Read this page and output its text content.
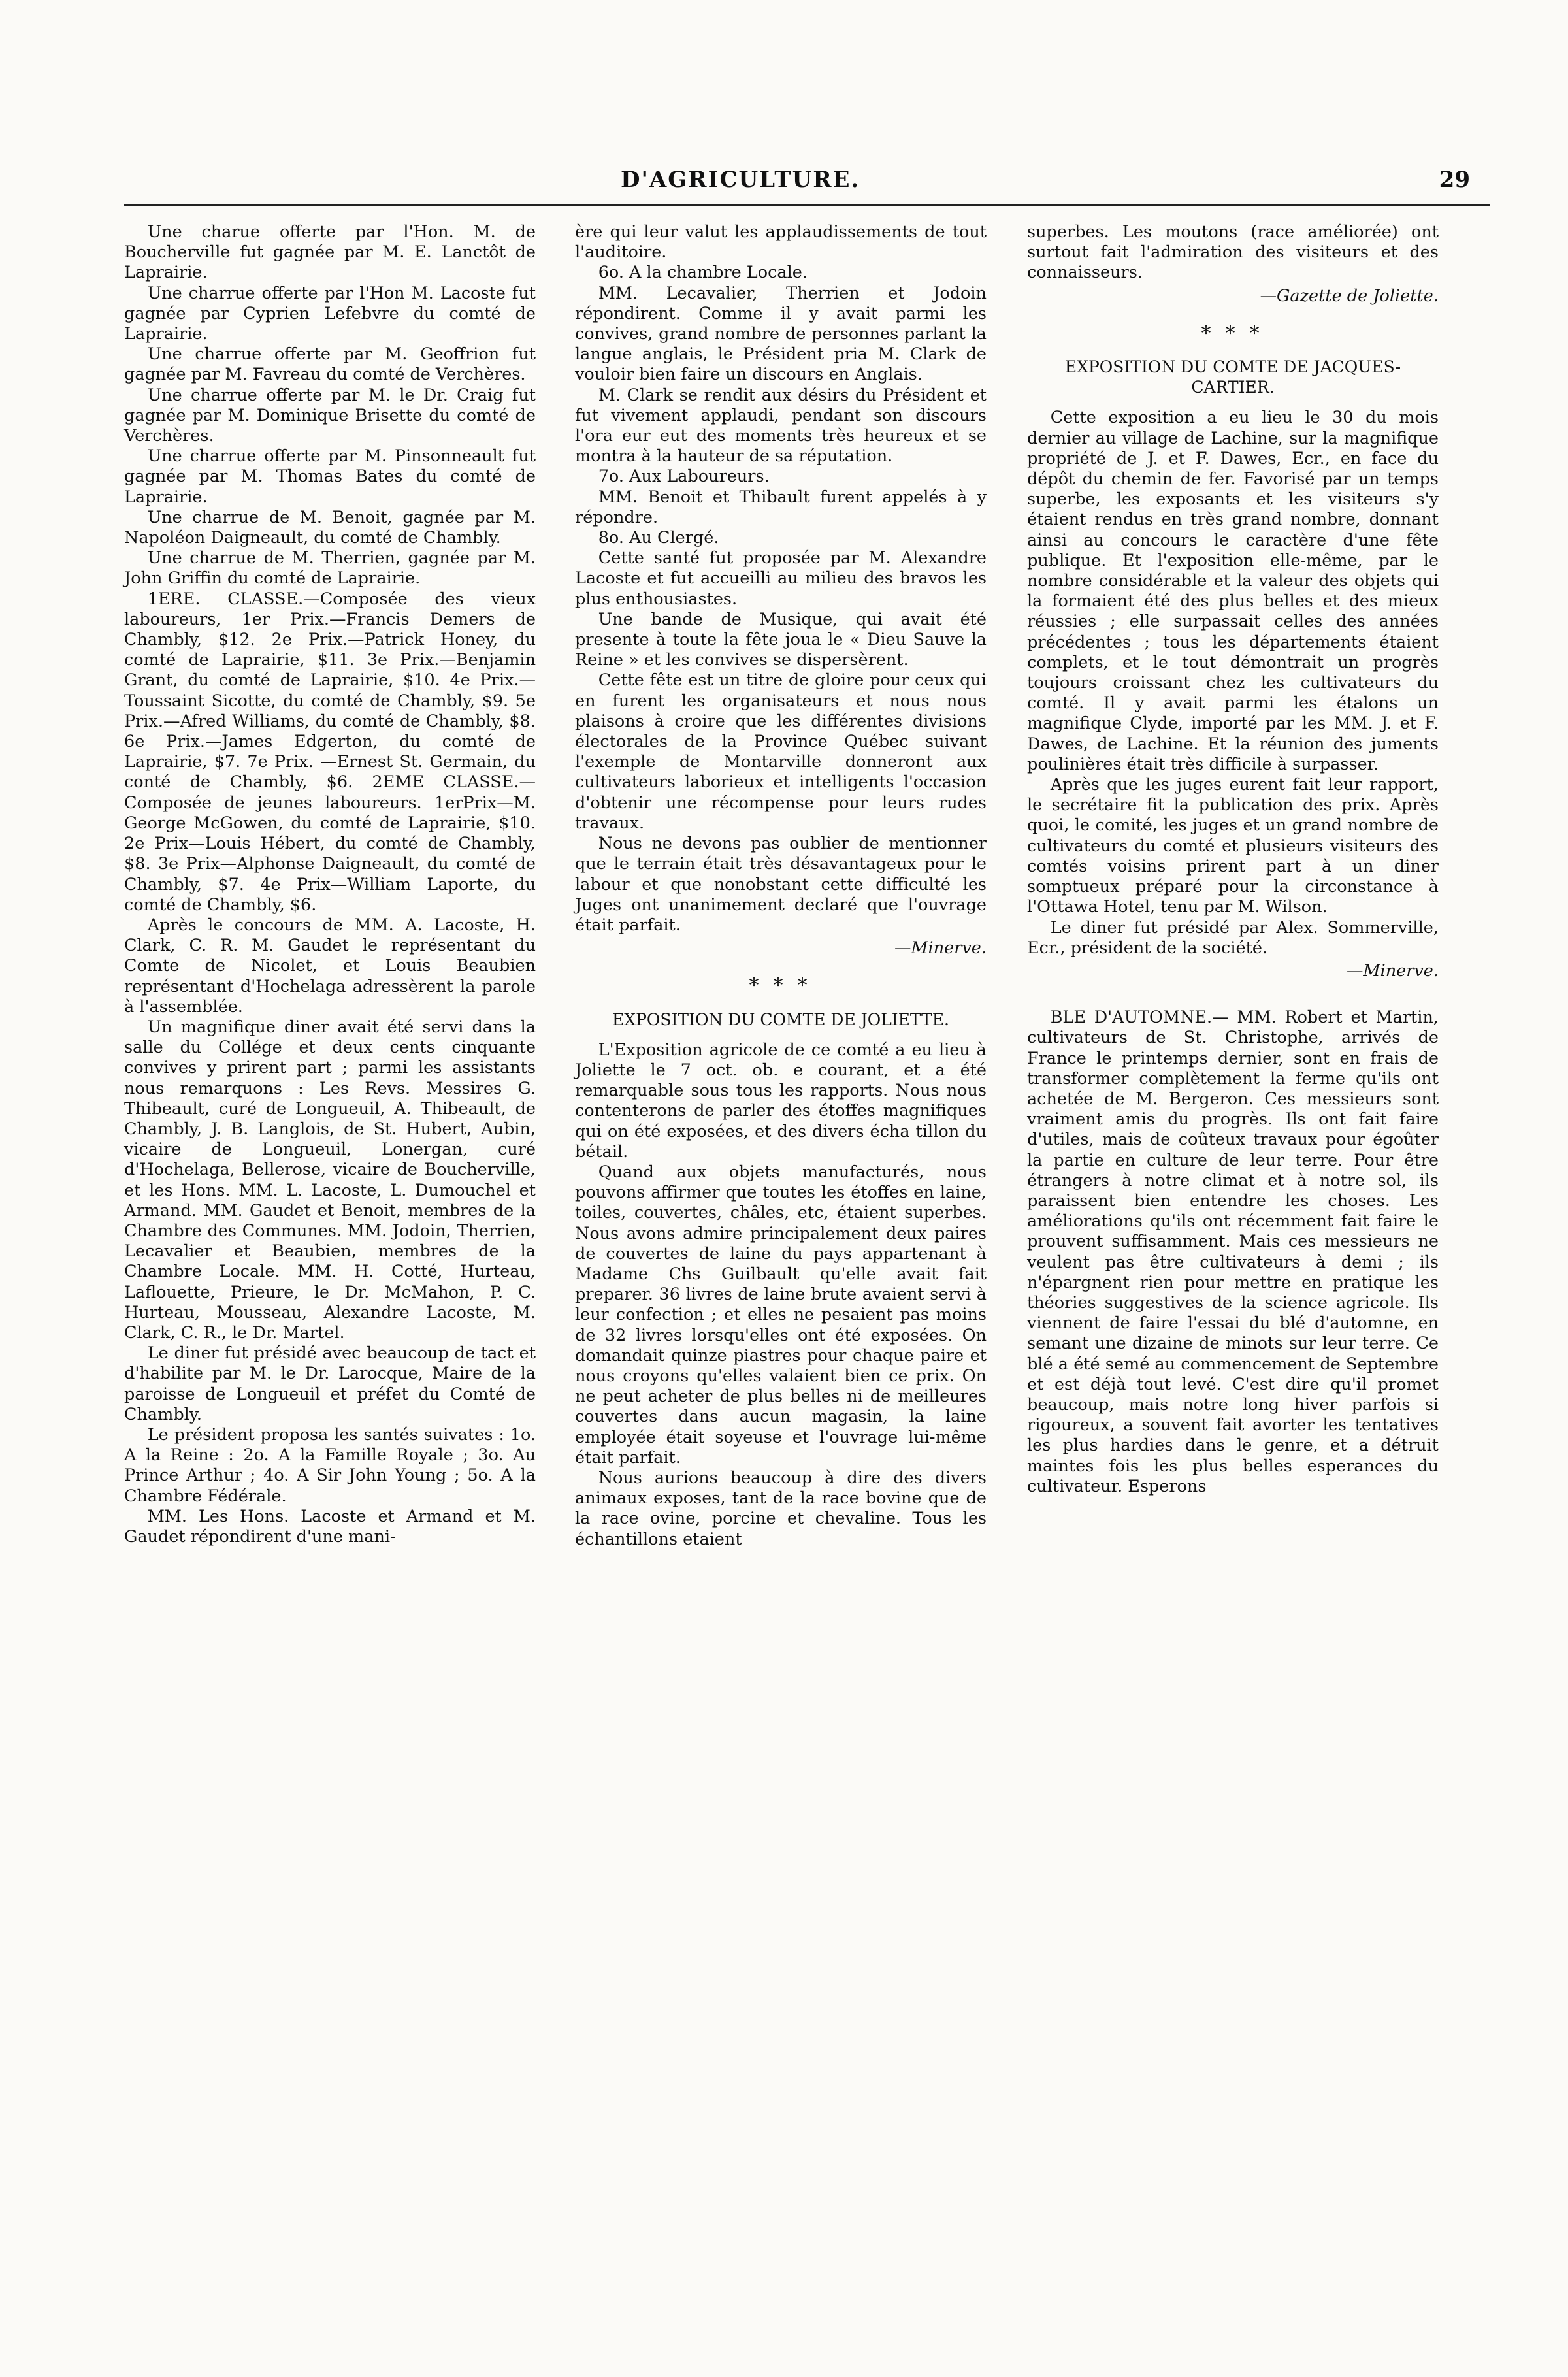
D'AGRICULTURE.	29

Une charue offerte par l'Hon. M. de Boucherville fut gagnée par M. E. Lanctôt de Laprairie.

Une charrue offerte par l'Hon M. Lacoste fut gagnée par Cyprien Lefebvre du comté de Laprairie.

Une charrue offerte par M. Geoffrion fut gagnée par M. Favreau du comté de Verchères.

Une charrue offerte par M. le Dr. Craig fut gagnée par M. Dominique Brisette du comté de Verchères.

Une charrue offerte par M. Pinsonneault fut gagnée par M. Thomas Bates du comté de Laprairie.

Une charrue de M. Benoit, gagnée par M. Napoléon Daigneault, du comté de Chambly.

Une charrue de M. Therrien, gagnée par M. John Griffin du comté de Laprairie.

1ERE. CLASSE.—Composée des vieux laboureurs, 1er Prix.—Francis Demers de Chambly, $12. 2e Prix.—Patrick Honey, du comté de Laprairie, $11. 3e Prix.—Benjamin Grant, du comté de Laprairie, $10. 4e Prix.—Toussaint Sicotte, du comté de Chambly, $9. 5e Prix.—Afred Williams, du comté de Chambly, $8. 6e Prix.—James Edgerton, du comté de Laprairie, $7. 7e Prix. —Ernest St. Germain, du conté de Chambly, $6. 2EME CLASSE.—Composée de jeunes laboureurs. 1erPrix—M. George McGowen, du comté de Laprairie, $10. 2e Prix—Louis Hébert, du comté de Chambly, $8. 3e Prix—Alphonse Daigneault, du comté de Chambly, $7. 4e Prix—William Laporte, du comté de Chambly, $6.

Après le concours de MM. A. Lacoste, H. Clark, C. R. M. Gaudet le représentant du Comte de Nicolet, et Louis Beaubien représentant d'Hochelaga adressèrent la parole à l'assemblée.

Un magnifique diner avait été servi dans la salle du Collége et deux cents cinquante convives y prirent part ; parmi les assistants nous remarquons : Les Revs. Messires G. Thibeault, curé de Longueuil, A. Thibeault, de Chambly, J. B. Langlois, de St. Hubert, Aubin, vicaire de Longueuil, Lonergan, curé d'Hochelaga, Bellerose, vicaire de Boucherville, et les Hons. MM. L. Lacoste, L. Dumouchel et Armand. MM. Gaudet et Benoit, membres de la Chambre des Communes. MM. Jodoin, Therrien, Lecavalier et Beaubien, membres de la Chambre Locale. MM. H. Cotté, Hurteau, Laflouette, Prieure, le Dr. McMahon, P. C. Hurteau, Mousseau, Alexandre Lacoste, M. Clark, C. R., le Dr. Martel.

Le diner fut présidé avec beaucoup de tact et d'habilite par M. le Dr. Larocque, Maire de la paroisse de Longueuil et préfet du Comté de Chambly.

Le président proposa les santés suivates : 1o. A la Reine : 2o. A la Famille Royale ; 3o. Au Prince Arthur ; 4o. A Sir John Young ; 5o. A la Chambre Fédérale.

MM. Les Hons. Lacoste et Armand et M. Gaudet répondirent d'une mani-

ère qui leur valut les applaudissements de tout l'auditoire.

6o. A la chambre Locale.

MM. Lecavalier, Therrien et Jodoin répondirent. Comme il y avait parmi les convives, grand nombre de personnes parlant la langue anglais, le Président pria M. Clark de vouloir bien faire un discours en Anglais.

M. Clark se rendit aux désirs du Président et fut vivement applaudi, pendant son discours l'ora eur eut des moments très heureux et se montra à la hauteur de sa réputation.

7o. Aux Laboureurs.

MM. Benoit et Thibault furent appelés à y répondre.

8o. Au Clergé.

Cette santé fut proposée par M. Alexandre Lacoste et fut accueilli au milieu des bravos les plus enthousiastes.

Une bande de Musique, qui avait été presente à toute la fête joua le « Dieu Sauve la Reine » et les convives se dispersèrent.

Cette fête est un titre de gloire pour ceux qui en furent les organisateurs et nous nous plaisons à croire que les différentes divisions électorales de la Province Québec suivant l'exemple de Montarville donneront aux cultivateurs laborieux et intelligents l'occasion d'obtenir une récompense pour leurs rudes travaux.

Nous ne devons pas oublier de mentionner que le terrain était très désavantageux pour le labour et que nonobstant cette difficulté les Juges ont unanimement declaré que l'ouvrage était parfait.

—Minerve.
* * *
EXPOSITION DU COMTE DE JOLIETTE.

L'Exposition agricole de ce comté a eu lieu à Joliette le 7 oct. ob. e courant, et a été remarquable sous tous les rapports. Nous nous contenterons de parler des étoffes magnifiques qui on été exposées, et des divers écha tillon du bétail.

Quand aux objets manufacturés, nous pouvons affirmer que toutes les étoffes en laine, toiles, couvertes, châles, etc, étaient superbes. Nous avons admire principalement deux paires de couvertes de laine du pays appartenant à Madame Chs Guilbault qu'elle avait fait preparer. 36 livres de laine brute avaient servi à leur confection ; et elles ne pesaient pas moins de 32 livres lorsqu'elles ont été exposées. On domandait quinze piastres pour chaque paire et nous croyons qu'elles valaient bien ce prix. On ne peut acheter de plus belles ni de meilleures couvertes dans aucun magasin, la laine employée était soyeuse et l'ouvrage lui-même était parfait.

Nous aurions beaucoup à dire des divers animaux exposes, tant de la race bovine que de la race ovine, porcine et chevaline. Tous les échantillons etaient

superbes. Les moutons (race améliorée) ont surtout fait l'admiration des visiteurs et des connaisseurs.

—Gazette de Joliette.
* * *
EXPOSITION DU COMTE DE JACQUES-CARTIER.

Cette exposition a eu lieu le 30 du mois dernier au village de Lachine, sur la magnifique propriété de J. et F. Dawes, Ecr., en face du dépôt du chemin de fer. Favorisé par un temps superbe, les exposants et les visiteurs s'y étaient rendus en très grand nombre, donnant ainsi au concours le caractère d'une fête publique. Et l'exposition elle-même, par le nombre considérable et la valeur des objets qui la formaient été des plus belles et des mieux réussies ; elle surpassait celles des années précédentes ; tous les départements étaient complets, et le tout démontrait un progrès toujours croissant chez les cultivateurs du comté. Il y avait parmi les étalons un magnifique Clyde, importé par les MM. J. et F. Dawes, de Lachine. Et la réunion des juments poulinières était très difficile à surpasser.

Après que les juges eurent fait leur rapport, le secrétaire fit la publication des prix. Après quoi, le comité, les juges et un grand nombre de cultivateurs du comté et plusieurs visiteurs des comtés voisins prirent part à un diner somptueux préparé pour la circonstance à l'Ottawa Hotel, tenu par M. Wilson.

Le diner fut présidé par Alex. Sommerville, Ecr., président de la société.

—Minerve.

BLE D'AUTOMNE.— MM. Robert et Martin, cultivateurs de St. Christophe, arrivés de France le printemps dernier, sont en frais de transformer complètement la ferme qu'ils ont achetée de M. Bergeron. Ces messieurs sont vraiment amis du progrès. Ils ont fait faire d'utiles, mais de coûteux travaux pour égoûter la partie en culture de leur terre. Pour être étrangers à notre climat et à notre sol, ils paraissent bien entendre les choses. Les améliorations qu'ils ont récemment fait faire le prouvent suffisamment. Mais ces messieurs ne veulent pas être cultivateurs à demi ; ils n'épargnent rien pour mettre en pratique les théories suggestives de la science agricole. Ils viennent de faire l'essai du blé d'automne, en semant une dizaine de minots sur leur terre. Ce blé a été semé au commencement de Septembre et est déjà tout levé. C'est dire qu'il promet beaucoup, mais notre long hiver parfois si rigoureux, a souvent fait avorter les tentatives les plus hardies dans le genre, et a détruit maintes fois les plus belles esperances du cultivateur. Esperons
